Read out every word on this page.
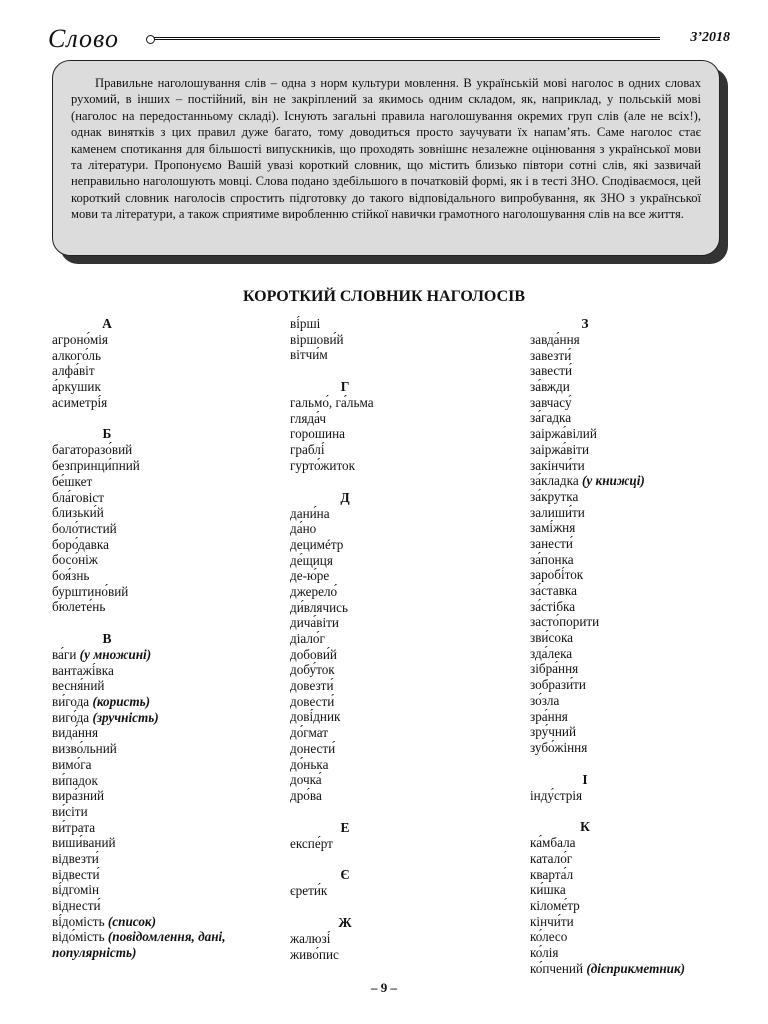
Слово	3’2018

Правильне наголошування слів – одна з норм культури мовлення. В українській мові наголос в одних словах рухомий, в інших – постійний, він не закріплений за якимось одним складом, як, наприклад, у польській мові (наголос на передостанньому складі). Існують загальні правила наголошування окремих груп слів (але не всіх!), однак винятків з цих правил дуже багато, тому доводиться просто заучувати їх напам’ять. Саме наголос стає каменем спотикання для більшості випускників, що проходять зовнішнє незалежне оцінювання з української мови та літератури. Пропонуємо Вашій увазі короткий словник, що містить близько півтори сотні слів, які зазвичай неправильно наголошують мовці. Слова подано здебільшого в початковій формі, як і в тесті ЗНО. Сподіваємося, цей короткий словник наголосів спростить підготовку до такого відповідального випробування, як ЗНО з української мови та літератури, а також сприятиме виробленню стійкої навички грамотного наголошування слів на все життя.

КОРОТКИЙ СЛОВНИК НАГОЛОСІВ
А
агроно́мія
алкого́ль
алфа́віт
а́ркушик
асиметрі́я
Б
багаторазо́вий
безпринци́пний
бе́шкет
бла́говіст
близьки́й
боло́тистий
боро́давка
босо́ніж
боя́знь
бурштино́вий
бюлете́нь
В
ва́ги (у множині)
вантажі́вка
весня́ний
ви́года (користь)
виго́да (зручність)
вида́ння
визво́льний
вимо́га
ви́падок
вира́зний
ви́сіти
ви́трата
виши́ваний
відвезти́
відвести́
ві́дгомін
віднести́
ві́домість (список)
відо́мість (повідомлення, дані, популярність)
ві́рші
віршови́й
вітчи́м
Г
гальмо́, га́льма
гляда́ч
горошина
граблі́
гурто́житок
Д
дани́на
да́но
децимéтр
де́щиця
де-ю́ре
джерело́
ди́влячись
дича́віти
діало́г
добови́й
добу́ток
довезти́
довести́
дові́дник
до́гмат
донести́
до́нька
дочка́
дро́ва
Е
експе́рт
Є
єрети́к
Ж
жалюзі́
живо́пис
З
завда́ння
завезти́
завести́
за́вжди
завчасу́
за́гадка
заіржа́вілий
заіржа́віти
закінчи́ти
за́кладка (у книжці)
за́крутка
залиши́ти
замі́жня
занести́
за́понка
заробі́ток
за́ставка
за́стібка
засто́порити
зви́сока
зда́лека
зібра́ння
зобрази́ти
зо́зла
зра́ння
зру́чний
зубо́жіння
І
інду́стрія
К
ка́мбала
катало́г
кварта́л
ки́шка
кіломе́тр
кінчи́ти
ко́лесо
ко́лія
ко́пчений (дієприкметник)
– 9 –
